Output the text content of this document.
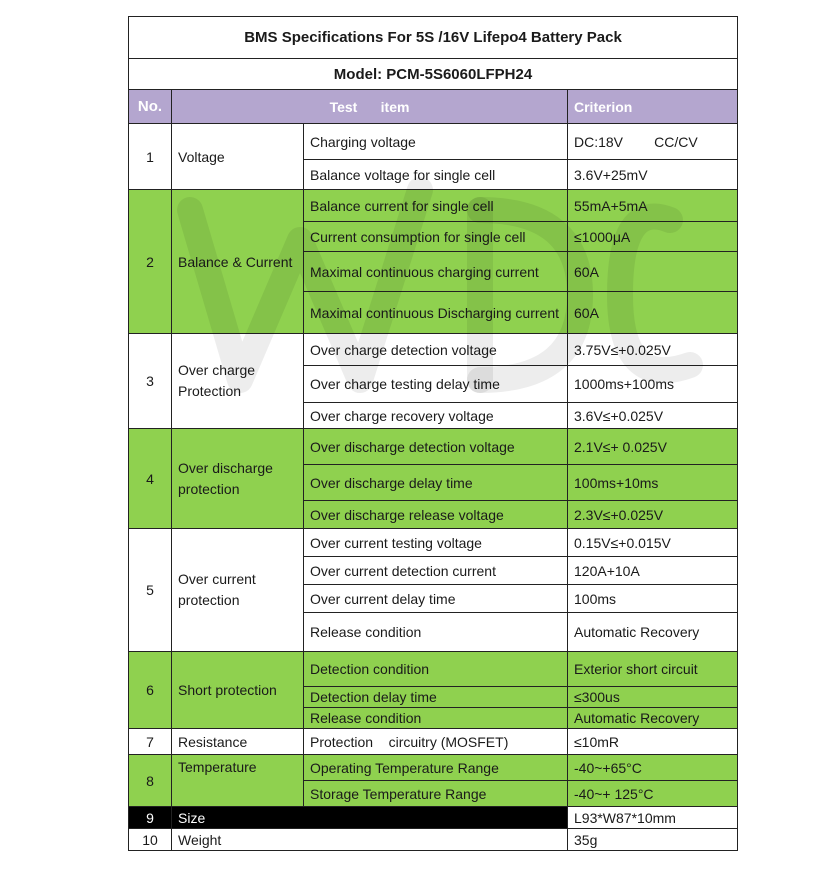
BMS Specifications For 5S /16V Lifepo4 Battery Pack			
Model: PCM-5S6060LFPH24			
No.	Test      item		Criterion
1	Voltage	Charging voltage	DC:18V        CC/CV
		Balance voltage for single cell	3.6V+25mV
2	Balance & Current	Balance current for single cell	55mA+5mA
		Current consumption for single cell	≤1000μA
		Maximal continuous charging current	60A
		Maximal continuous Discharging current	60A
3	Over charge Protection	Over charge detection voltage	3.75V≤+0.025V
		Over charge testing delay time	1000ms+100ms
		Over charge recovery voltage	3.6V≤+0.025V
4	Over discharge protection	Over discharge detection voltage	2.1V≤+ 0.025V
		Over discharge delay time	100ms+10ms
		Over discharge release voltage	2.3V≤+0.025V
5	Over current protection	Over current testing voltage	0.15V≤+0.015V
		Over current detection current	120A+10A
		Over current delay time	100ms
		Release condition	Automatic Recovery
6	Short protection	Detection condition	Exterior short circuit
		Detection delay time	≤300us
		Release condition	Automatic Recovery
7	Resistance	Protection    circuitry (MOSFET)	≤10mR
8	Temperature	Operating Temperature Range	-40~+65°C
		Storage Temperature Range	-40~+ 125°C
9	Size		L93*W87*10mm
10	Weight		35g
